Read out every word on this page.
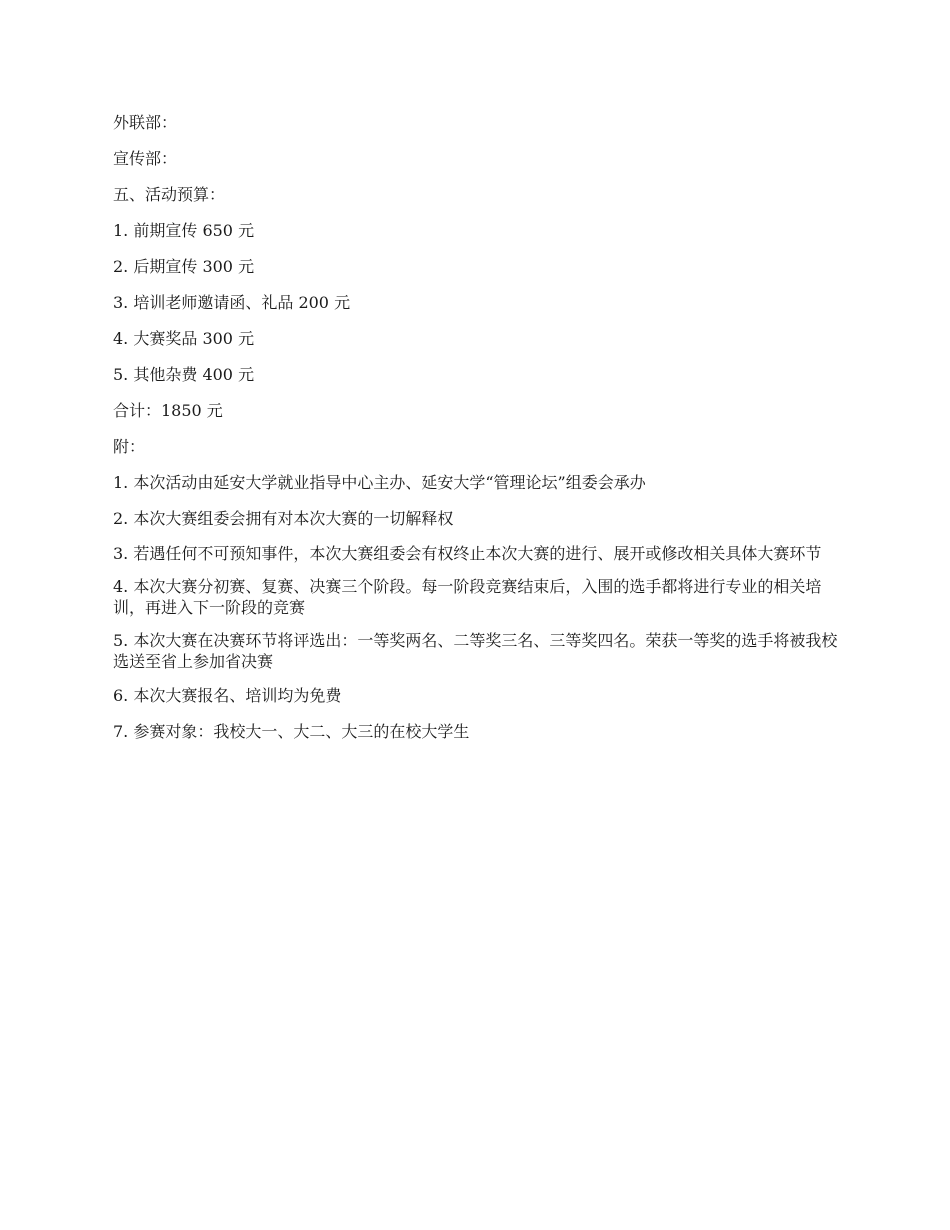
外联部：

宣传部：

五、活动预算：

1. 前期宣传 650 元

2. 后期宣传 300 元

3. 培训老师邀请函、礼品 200 元

4. 大赛奖品 300 元

5. 其他杂费 400 元

合计：1850 元

附：

1. 本次活动由延安大学就业指导中心主办、延安大学“管理论坛”组委会承办

2. 本次大赛组委会拥有对本次大赛的一切解释权

3. 若遇任何不可预知事件，本次大赛组委会有权终止本次大赛的进行、展开或修改相关具体大赛环节

4. 本次大赛分初赛、复赛、决赛三个阶段。每一阶段竞赛结束后，入围的选手都将进行专业的相关培训，再进入下一阶段的竞赛

5. 本次大赛在决赛环节将评选出：一等奖两名、二等奖三名、三等奖四名。荣获一等奖的选手将被我校选送至省上参加省决赛

6. 本次大赛报名、培训均为免费

7. 参赛对象：我校大一、大二、大三的在校大学生
